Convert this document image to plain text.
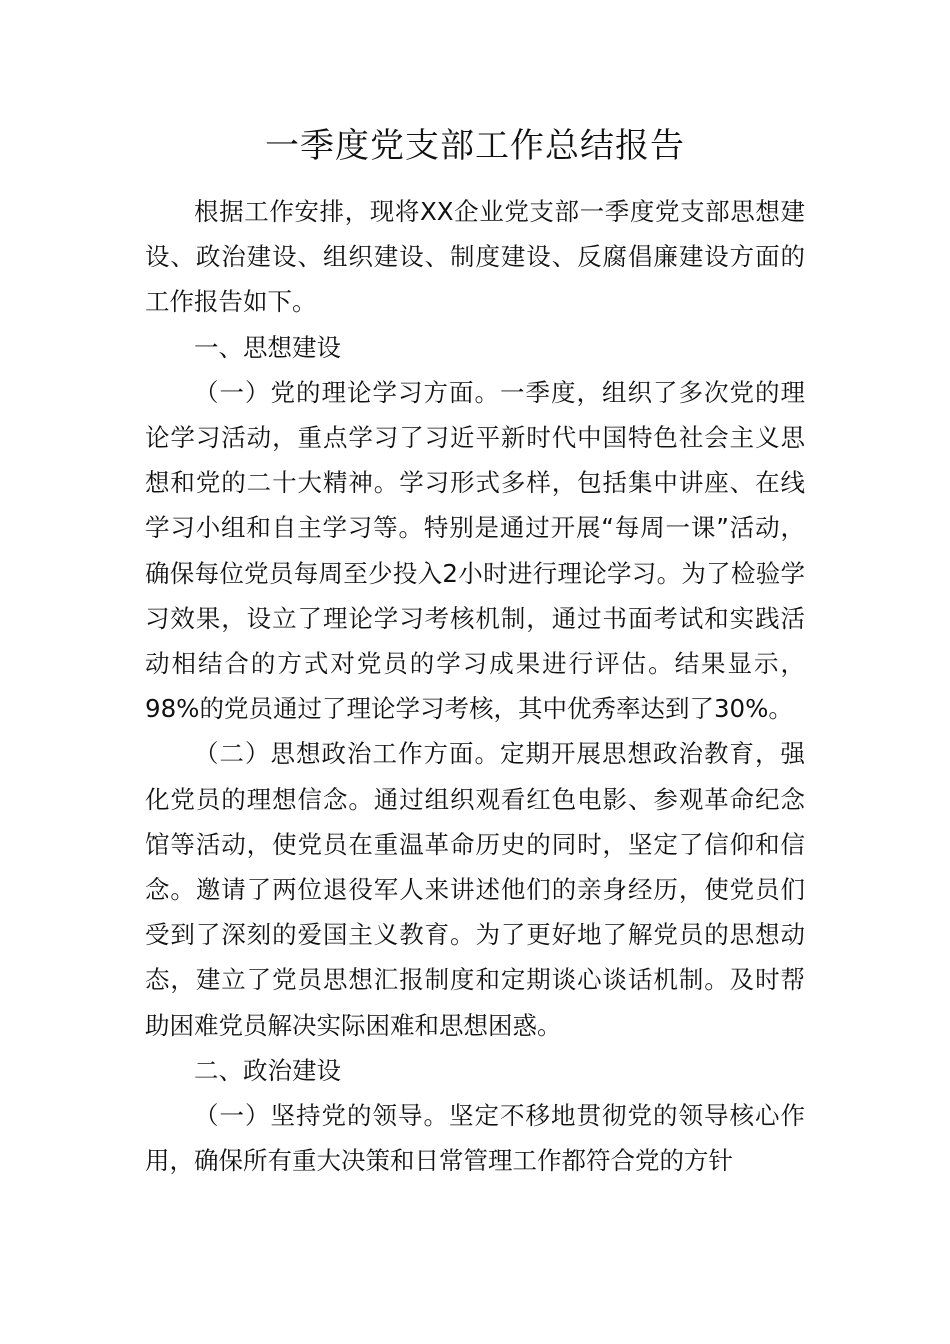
一季度党支部工作总结报告

根据工作安排，现将XX企业党支部一季度党支部思想建设、政治建设、组织建设、制度建设、反腐倡廉建设方面的工作报告如下。

一、思想建设

（一）党的理论学习方面。一季度，组织了多次党的理论学习活动，重点学习了习近平新时代中国特色社会主义思想和党的二十大精神。学习形式多样，包括集中讲座、在线学习小组和自主学习等。特别是通过开展“每周一课”活动，确保每位党员每周至少投入2小时进行理论学习。为了检验学习效果，设立了理论学习考核机制，通过书面考试和实践活动相结合的方式对党员的学习成果进行评估。结果显示，98%的党员通过了理论学习考核，其中优秀率达到了30%。

（二）思想政治工作方面。定期开展思想政治教育，强化党员的理想信念。通过组织观看红色电影、参观革命纪念馆等活动，使党员在重温革命历史的同时，坚定了信仰和信念。邀请了两位退役军人来讲述他们的亲身经历，使党员们受到了深刻的爱国主义教育。为了更好地了解党员的思想动态，建立了党员思想汇报制度和定期谈心谈话机制。及时帮助困难党员解决实际困难和思想困惑。

二、政治建设

（一）坚持党的领导。坚定不移地贯彻党的领导核心作用，确保所有重大决策和日常管理工作都符合党的方针
